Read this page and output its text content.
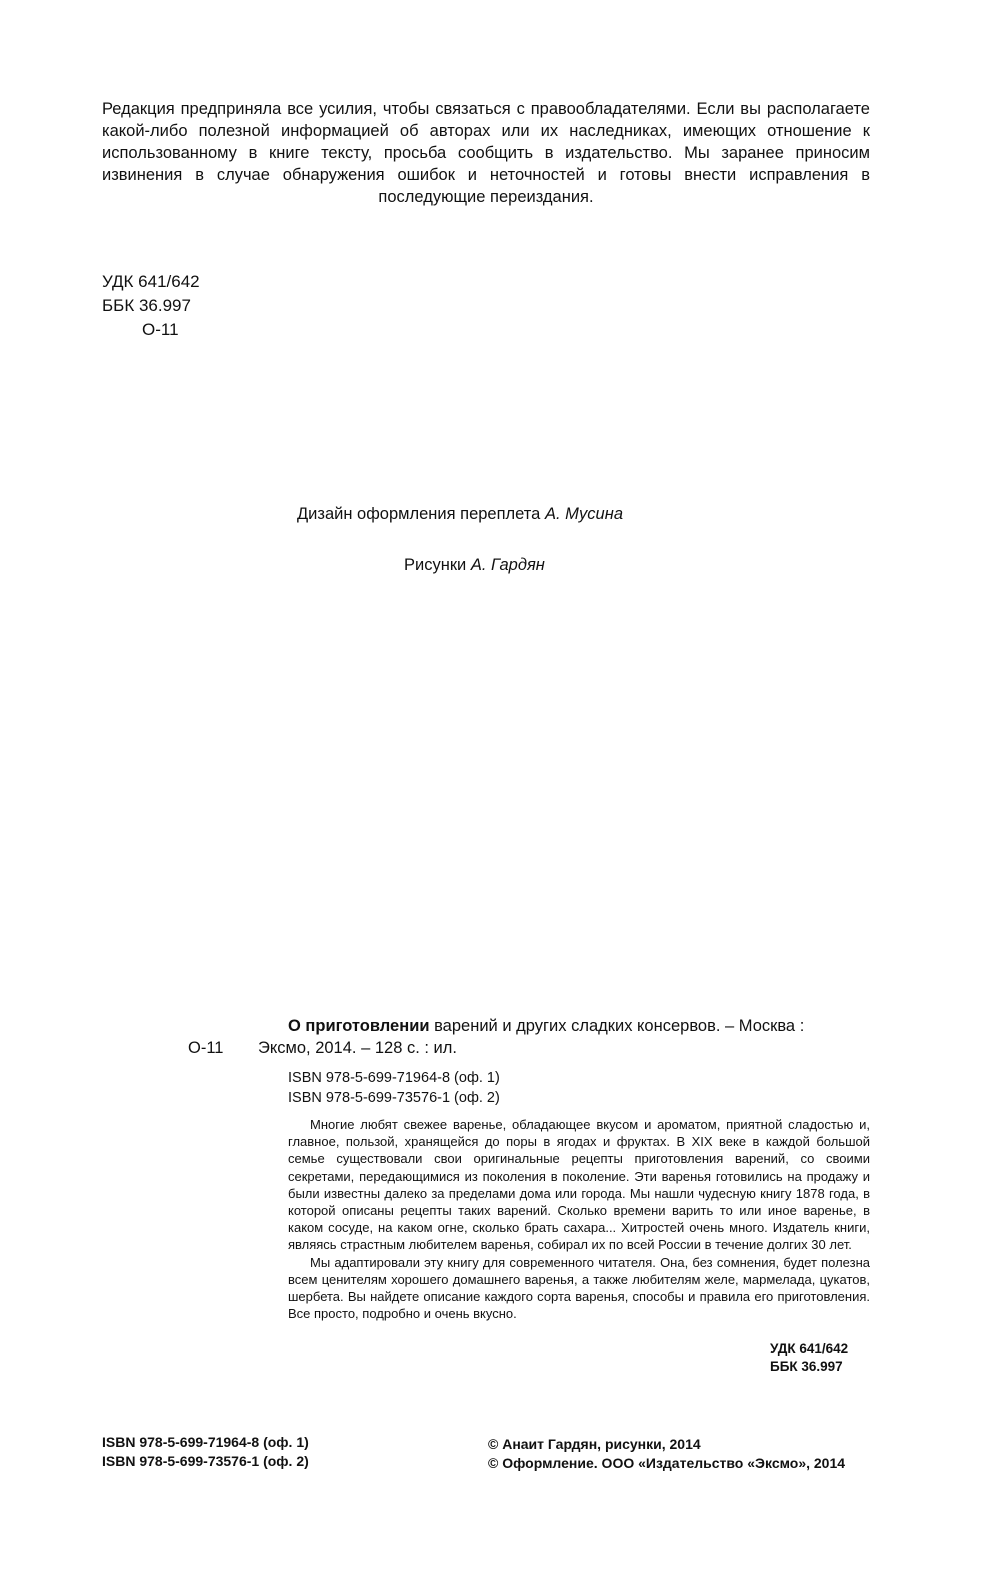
Редакция предприняла все усилия, чтобы связаться с правообладателями. Если вы располагаете какой-либо полезной информацией об авторах или их наследниках, имеющих отношение к использованному в книге тексту, просьба сообщить в издательство. Мы заранее приносим извинения в случае обнаружения ошибок и неточностей и готовы внести исправления в последующие переиздания.

УДК 641/642
ББК 36.997
О-11
Дизайн оформления переплета А. Мусина
Рисунки А. Гардян
О приготовлении варений и других сладких консервов. – Москва :
О-11 Эксмо, 2014. – 128 с. : ил.
ISBN 978-5-699-71964-8 (оф. 1)
ISBN 978-5-699-73576-1 (оф. 2)

Многие любят свежее варенье, обладающее вкусом и ароматом, приятной сладостью и, главное, пользой, хранящейся до поры в ягодах и фруктах. В XIX веке в каждой большой семье существовали свои оригинальные рецепты приготовления варений, со своими секретами, передающимися из поколения в поколение. Эти варенья готовились на продажу и были известны далеко за пределами дома или города. Мы нашли чудесную книгу 1878 года, в которой описаны рецепты таких варений. Сколько времени варить то или иное варенье, в каком сосуде, на каком огне, сколько брать сахара... Хитростей очень много. Издатель книги, являясь страстным любителем варенья, собирал их по всей России в течение долгих 30 лет.

Мы адаптировали эту книгу для современного читателя. Она, без сомнения, будет полезна всем ценителям хорошего домашнего варенья, а также любителям желе, мармелада, цукатов, шербета. Вы найдете описание каждого сорта варенья, способы и правила его приготовления. Все просто, подробно и очень вкусно.

УДК 641/642
ББК 36.997
ISBN 978-5-699-71964-8 (оф. 1)
ISBN 978-5-699-73576-1 (оф. 2)
© Анаит Гардян, рисунки, 2014
© Оформление. ООО «Издательство «Эксмо», 2014
